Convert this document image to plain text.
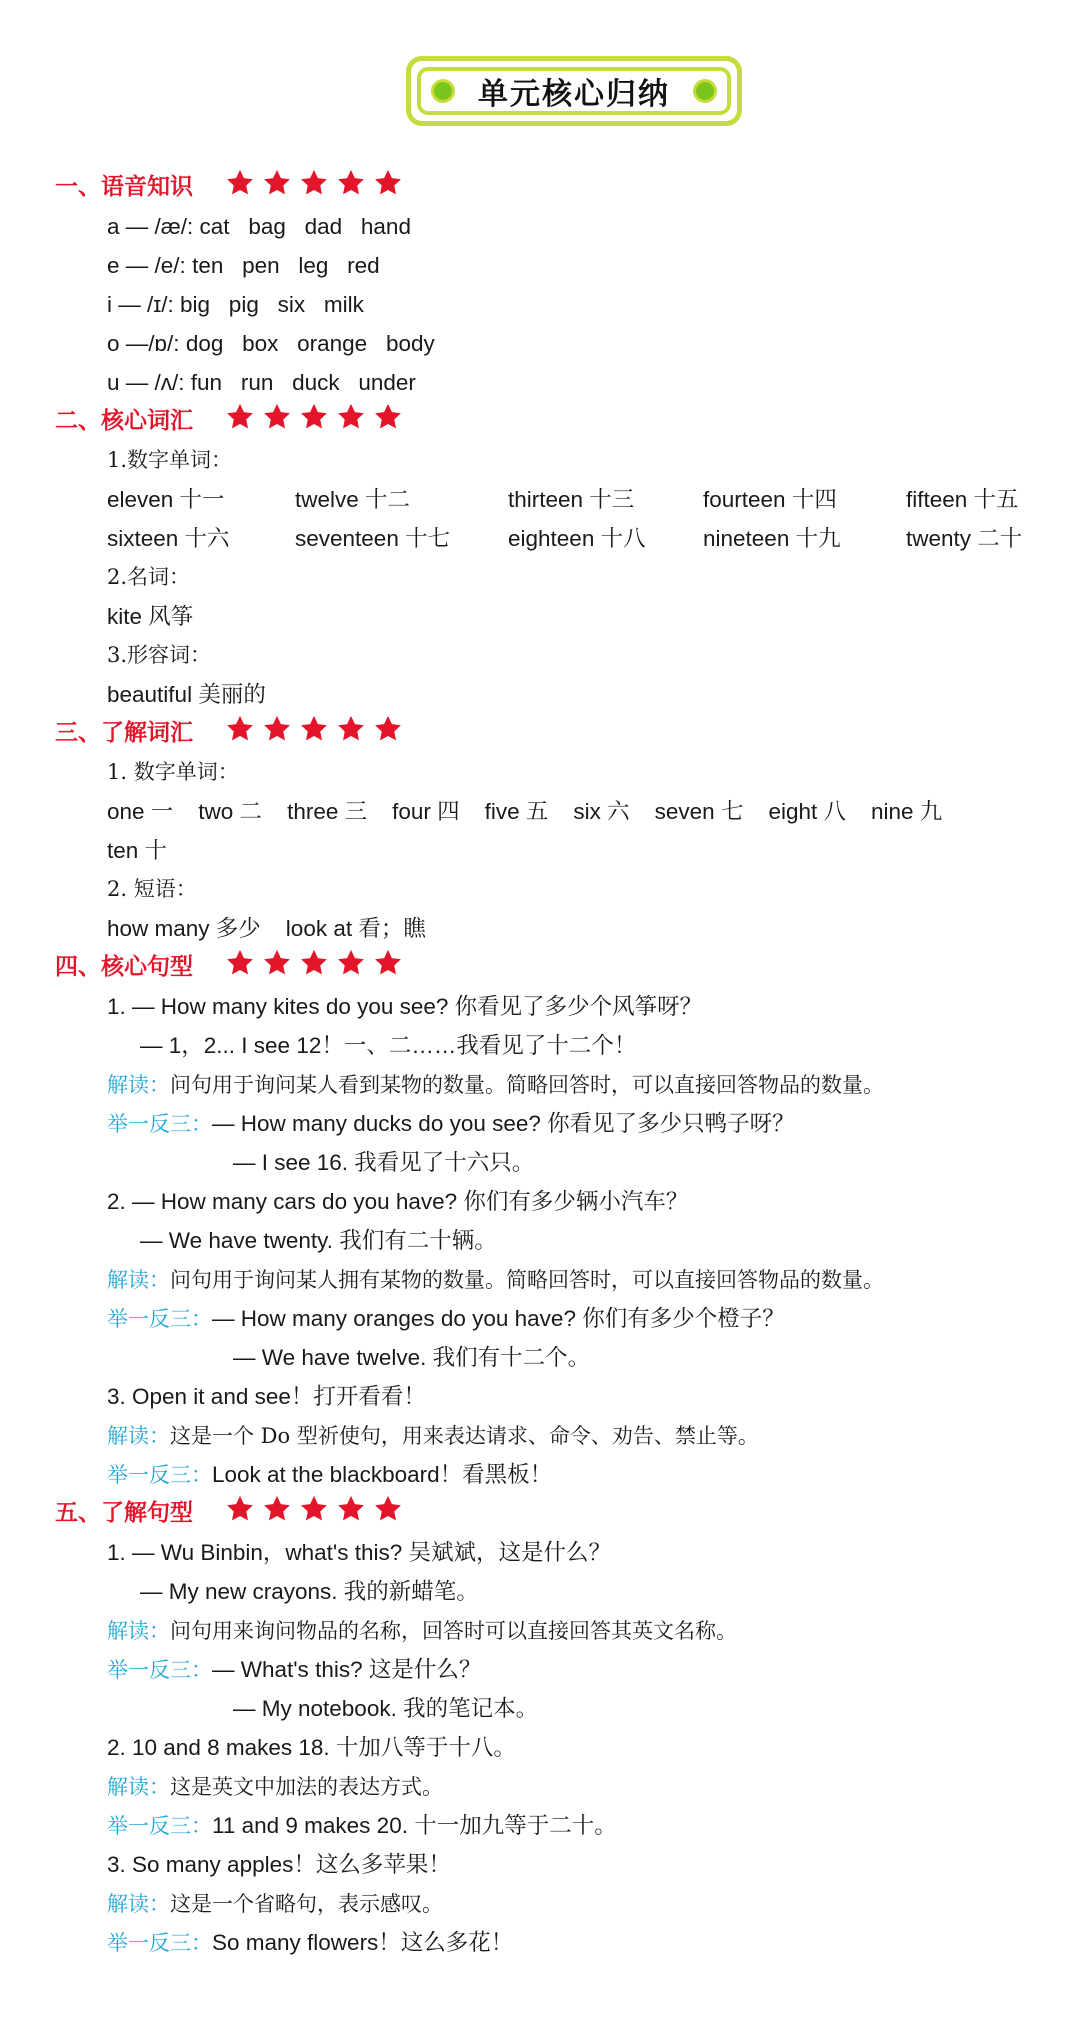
单元核心归纳
一、语音知识
a — /æ/: cat   bag   dad   hand
e — /e/: ten   pen   leg   red
i — /ɪ/: big   pig   six   milk
o —/ɒ/: dog   box   orange   body
u — /ʌ/: fun   run   duck   under
二、核心词汇
1.数字单词：
eleven 十一	twelve 十二	thirteen 十三	fourteen 十四	fifteen 十五
sixteen 十六	seventeen 十七	eighteen 十八	nineteen 十九	twenty 二十
2.名词：
kite 风筝
3.形容词：
beautiful 美丽的
三、了解词汇
1. 数字单词：
one 一    two 二    three 三    four 四    five 五    six 六    seven 七    eight 八    nine 九
ten 十
2. 短语：
how many 多少    look at 看；瞧
四、核心句型
1. — How many kites do you see? 你看见了多少个风筝呀？
— 1，2... I see 12！一、二……我看见了十二个！
解读：问句用于询问某人看到某物的数量。简略回答时，可以直接回答物品的数量。
举一反三：— How many ducks do you see? 你看见了多少只鸭子呀？
— I see 16. 我看见了十六只。
2. — How many cars do you have? 你们有多少辆小汽车？
— We have twenty. 我们有二十辆。
解读：问句用于询问某人拥有某物的数量。简略回答时，可以直接回答物品的数量。
举一反三：— How many oranges do you have? 你们有多少个橙子？
— We have twelve. 我们有十二个。
3. Open it and see！打开看看！
解读：这是一个 Do 型祈使句，用来表达请求、命令、劝告、禁止等。
举一反三：Look at the blackboard！看黑板！
五、了解句型
1. — Wu Binbin，what's this? 吴斌斌，这是什么？
— My new crayons. 我的新蜡笔。
解读：问句用来询问物品的名称，回答时可以直接回答其英文名称。
举一反三：— What's this? 这是什么？
— My notebook. 我的笔记本。
2. 10 and 8 makes 18. 十加八等于十八。
解读：这是英文中加法的表达方式。
举一反三：11 and 9 makes 20. 十一加九等于二十。
3. So many apples！这么多苹果！
解读：这是一个省略句，表示感叹。
举一反三：So many flowers！这么多花！
